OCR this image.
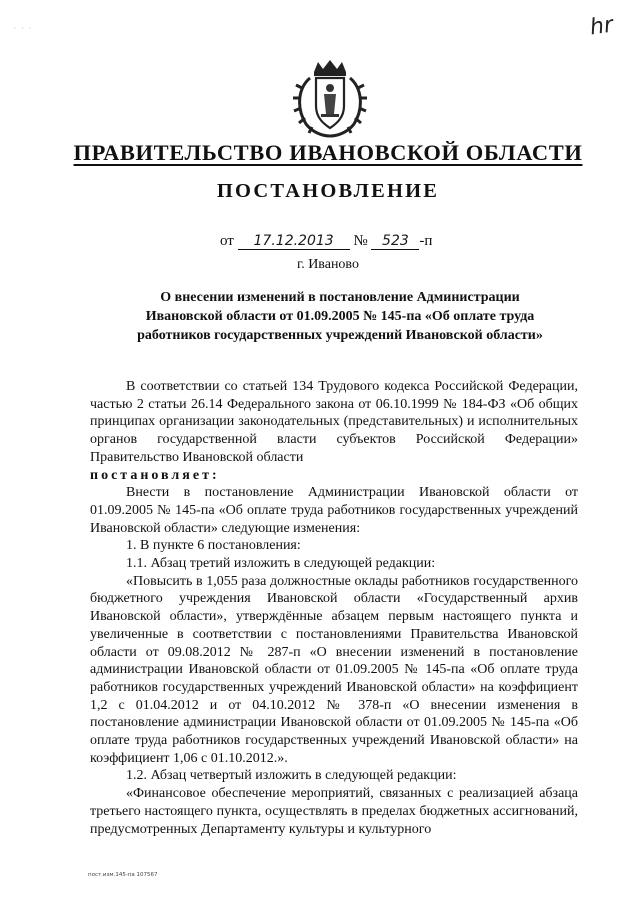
· · ·	hr
ПРАВИТЕЛЬСТВО ИВАНОВСКОЙ ОБЛАСТИ
ПОСТАНОВЛЕНИЕ
от 17.12.2013 № 523 -п
г. Иваново
О внесении изменений в постановление Администрации
Ивановской области от 01.09.2005 № 145-па «Об оплате труда
работников государственных учреждений Ивановской области»

В соответствии со статьей 134 Трудового кодекса Российской Федерации, частью 2 статьи 26.14 Федерального закона от 06.10.1999 № 184-ФЗ «Об общих принципах организации законодательных (представительных) и исполнительных органов государственной власти субъектов Российской Федерации» Правительство Ивановской области

постановляет:

Внести в постановление Администрации Ивановской области от 01.09.2005 № 145-па «Об оплате труда работников государственных учреждений Ивановской области» следующие изменения:

1. В пункте 6 постановления:

1.1. Абзац третий изложить в следующей редакции:

«Повысить в 1,055 раза должностные оклады работников государственного бюджетного учреждения Ивановской области «Государственный архив Ивановской области», утверждённые абзацем первым настоящего пункта и увеличенные в соответствии с постановлениями Правительства Ивановской области от 09.08.2012 № 287-п «О внесении изменений в постановление администрации Ивановской области от 01.09.2005 № 145-па «Об оплате труда работников государственных учреждений Ивановской области» на коэффициент 1,2 с 01.04.2012 и от 04.10.2012 № 378-п «О внесении изменения в постановление администрации Ивановской области от 01.09.2005 № 145-па «Об оплате труда работников государственных учреждений Ивановской области» на коэффициент 1,06 с 01.10.2012.».

1.2. Абзац четвертый изложить в следующей редакции:

«Финансовое обеспечение мероприятий, связанных с реализацией абзаца третьего настоящего пункта, осуществлять в пределах бюджетных ассигнований, предусмотренных Департаменту культуры и культурного

пост.изм.145-па 107567
